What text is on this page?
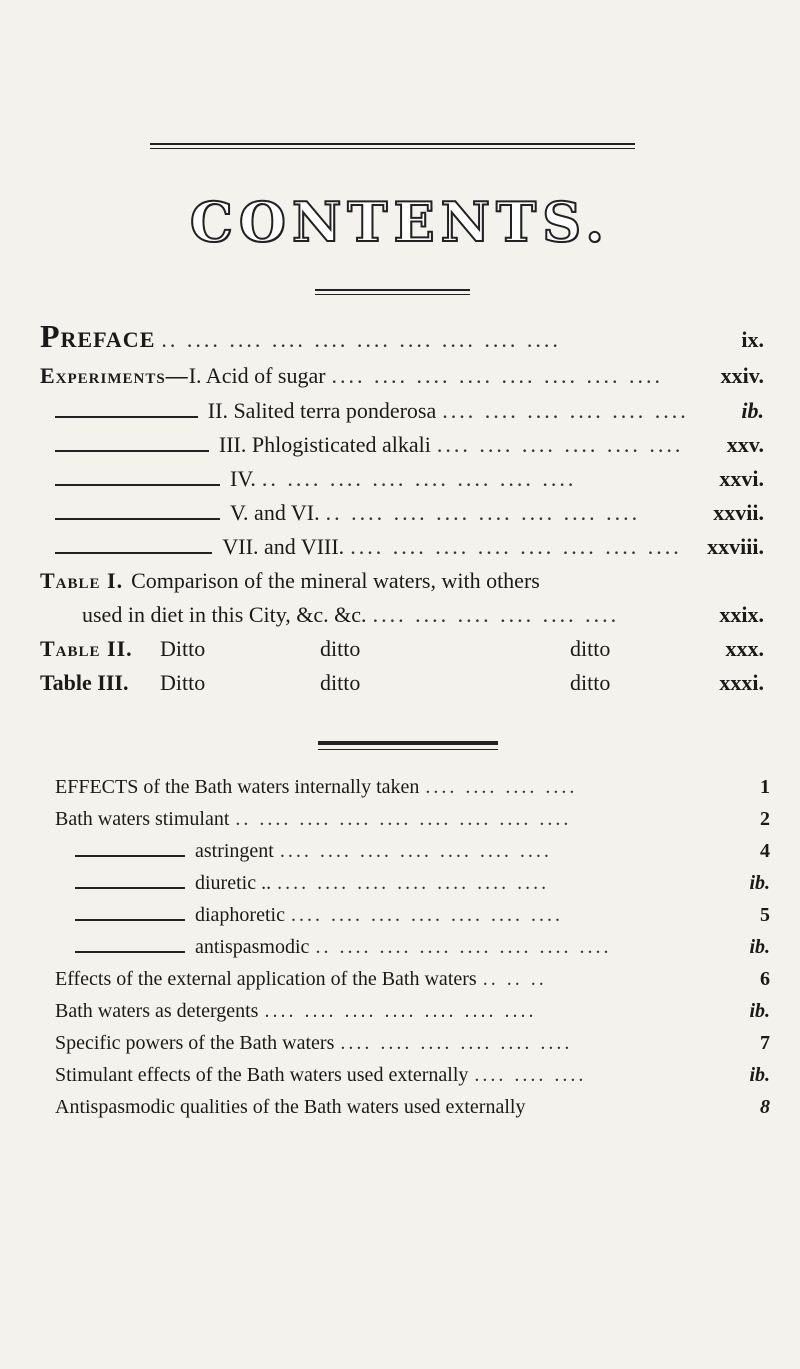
CONTENTS.
Preface .. .... .... .... .... .... .... .... .... ....	ix.
Experiments— I. Acid of sugar .... .... .... .... .... .... .... ....	xxiv.
II. Salited terra ponderosa .... .... .... .... .... ....	ib.
III. Phlogisticated alkali .... .... .... .... .... ....	xxv.
IV. .. .... .... .... .... .... .... ....	xxvi.
V. and VI. .. .... .... .... .... .... .... ....	xxvii.
VII. and VIII. .... .... .... .... .... .... .... ....	xxviii.
Table I. Comparison of the mineral waters, with others
used in diet in this City, &c. &c. .... .... .... .... .... ....	xxix.
Table II.	Ditto	ditto	ditto	xxx.
Table III.	Ditto	ditto	ditto	xxxi.
EFFECTS of the Bath waters internally taken .... .... .... ....	1
Bath waters stimulant .. .... .... .... .... .... .... .... ....	2
astringent .... .... .... .... .... .... ....	4
diuretic .. .... .... .... .... .... .... ....	ib.
diaphoretic .... .... .... .... .... .... ....	5
antispasmodic .. .... .... .... .... .... .... ....	ib.
Effects of the external application of the Bath waters .. .. ..	6
Bath waters as detergents .... .... .... .... .... .... ....	ib.
Specific powers of the Bath waters .... .... .... .... .... ....	7
Stimulant effects of the Bath waters used externally .... .... ....	ib.
Antispasmodic qualities of the Bath waters used externally	8
